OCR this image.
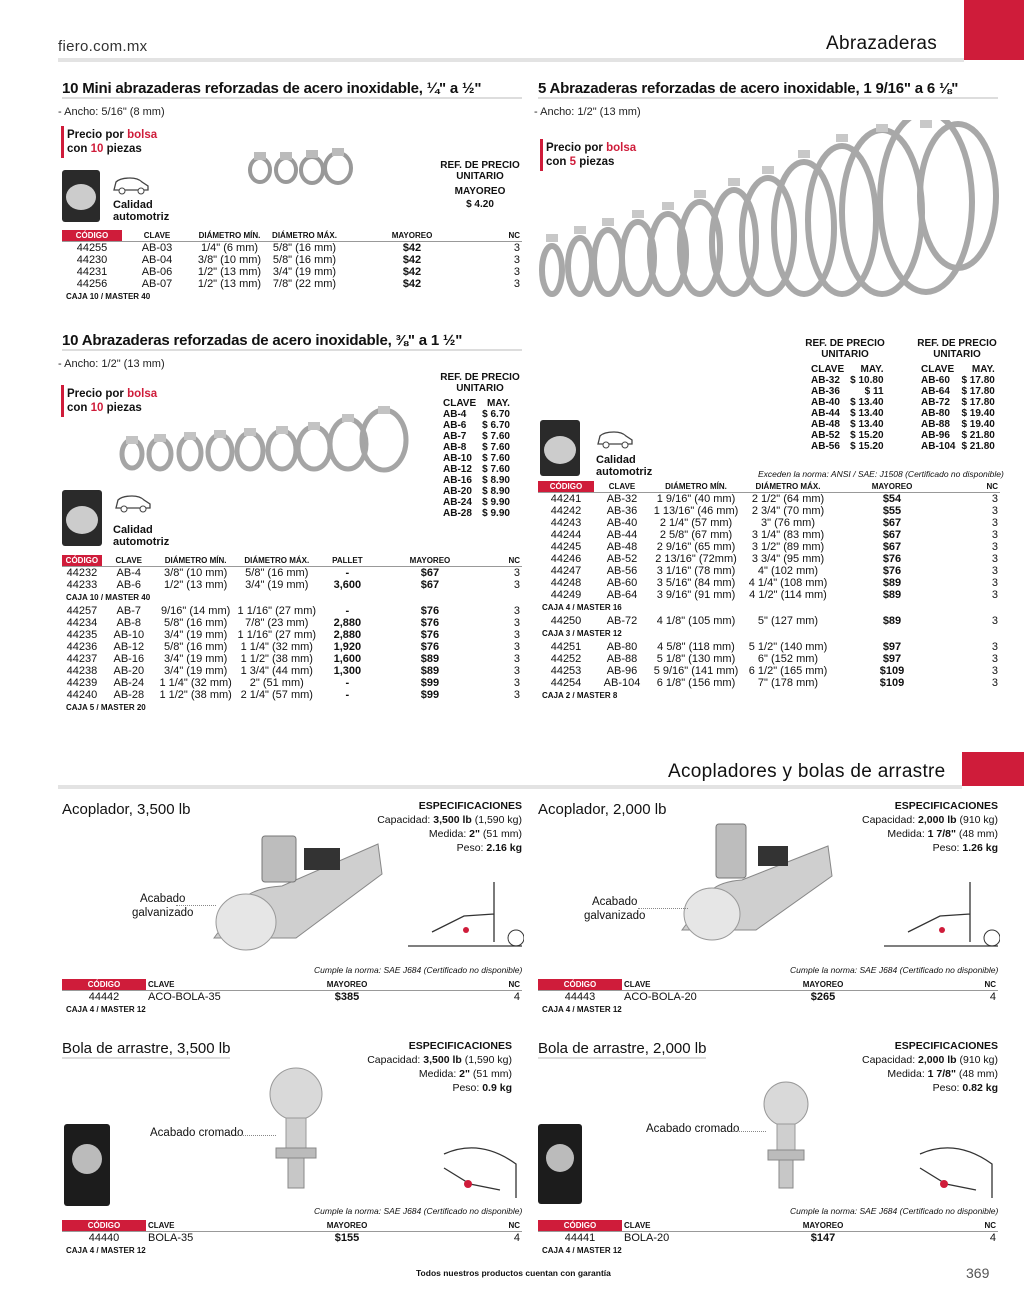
fiero.com.mx	Abrazaderas
10 Mini abrazaderas reforzadas de acero inoxidable, ¼" a ½"
- Ancho: 5/16" (8 mm)
Precio por bolsa
con 10 piezas
Calidad
automotriz
REF. DE PRECIO UNITARIO
MAYOREO
$ 4.20
CÓDIGO	CLAVE	DIÁMETRO MÍN.	DIÁMETRO MÁX.	MAYOREO	NC
44255	AB-03	1/4" (6 mm)	5/8" (16 mm)	$42	3
44230	AB-04	3/8" (10 mm)	5/8" (16 mm)	$42	3
44231	AB-06	1/2" (13 mm)	3/4" (19 mm)	$42	3
44256	AB-07	1/2" (13 mm)	7/8" (22 mm)	$42	3
CAJA 10 / MASTER 40					
10 Abrazaderas reforzadas de acero inoxidable, ⅜" a 1 ½"
- Ancho: 1/2" (13 mm)
Precio por bolsa
con 10 piezas
Calidad
automotriz
REF. DE PRECIO UNITARIO
CLAVE	MAY.
AB-4	$ 6.70
AB-6	$ 6.70
AB-7	$ 7.60
AB-8	$ 7.60
AB-10	$ 7.60
AB-12	$ 7.60
AB-16	$ 8.90
AB-20	$ 8.90
AB-24	$ 9.90
AB-28	$ 9.90
CÓDIGO	CLAVE	DIÁMETRO MÍN.	DIÁMETRO MÁX.	PALLET	MAYOREO	NC
44232	AB-4	3/8" (10 mm)	5/8" (16 mm)	-	$67	3
44233	AB-6	1/2" (13 mm)	3/4" (19 mm)	3,600	$67	3
CAJA 10 / MASTER 40						
44257	AB-7	9/16" (14 mm)	1 1/16" (27 mm)	-	$76	3
44234	AB-8	5/8" (16 mm)	7/8" (23 mm)	2,880	$76	3
44235	AB-10	3/4" (19 mm)	1 1/16" (27 mm)	2,880	$76	3
44236	AB-12	5/8" (16 mm)	1 1/4" (32 mm)	1,920	$76	3
44237	AB-16	3/4" (19 mm)	1 1/2" (38 mm)	1,600	$89	3
44238	AB-20	3/4" (19 mm)	1 3/4" (44 mm)	1,300	$89	3
44239	AB-24	1 1/4" (32 mm)	2" (51 mm)	-	$99	3
44240	AB-28	1 1/2" (38 mm)	2 1/4" (57 mm)	-	$99	3
CAJA 5 / MASTER 20						
5 Abrazaderas reforzadas de acero inoxidable, 1 9/16" a 6 ⅛"
- Ancho: 1/2" (13 mm)
Precio por bolsa
con 5 piezas
REF. DE PRECIO UNITARIO
REF. DE PRECIO UNITARIO
CLAVE	MAY.
AB-32	$ 10.80
AB-36	$ 11
AB-40	$ 13.40
AB-44	$ 13.40
AB-48	$ 13.40
AB-52	$ 15.20
AB-56	$ 15.20
CLAVE	MAY.
AB-60	$ 17.80
AB-64	$ 17.80
AB-72	$ 17.80
AB-80	$ 19.40
AB-88	$ 19.40
AB-96	$ 21.80
AB-104	$ 21.80
Calidad
automotriz	Exceden la norma: ANSI / SAE: J1508 (Certificado no disponible)
CÓDIGO	CLAVE	DIÁMETRO MÍN.	DIÁMETRO MÁX.	MAYOREO	NC
44241	AB-32	1 9/16" (40 mm)	2 1/2" (64 mm)	$54	3
44242	AB-36	1 13/16" (46 mm)	2 3/4" (70 mm)	$55	3
44243	AB-40	2 1/4" (57 mm)	3" (76 mm)	$67	3
44244	AB-44	2 5/8" (67 mm)	3 1/4" (83 mm)	$67	3
44245	AB-48	2 9/16" (65 mm)	3 1/2" (89 mm)	$67	3
44246	AB-52	2 13/16" (72mm)	3 3/4" (95 mm)	$76	3
44247	AB-56	3 1/16" (78 mm)	4" (102 mm)	$76	3
44248	AB-60	3 5/16" (84 mm)	4 1/4" (108 mm)	$89	3
44249	AB-64	3 9/16" (91 mm)	4 1/2" (114 mm)	$89	3
CAJA 4 / MASTER 16					
44250	AB-72	4 1/8" (105 mm)	5" (127 mm)	$89	3
CAJA 3 / MASTER 12					
44251	AB-80	4 5/8" (118 mm)	5 1/2" (140 mm)	$97	3
44252	AB-88	5 1/8" (130 mm)	6" (152 mm)	$97	3
44253	AB-96	5 9/16" (141 mm)	6 1/2" (165 mm)	$109	3
44254	AB-104	6 1/8" (156 mm)	7" (178 mm)	$109	3
CAJA 2 / MASTER 8					
Acopladores y bolas de arrastre
Acoplador, 3,500 lb	ESPECIFICACIONES
Capacidad: 3,500 lb (1,590 kg)
Medida: 2" (51 mm)
Peso: 2.16 kg
Acabado
galvanizado
Cumple la norma: SAE J684 (Certificado no disponible)
CÓDIGO	CLAVE	MAYOREO	NC
44442	ACO-BOLA-35	$385	4
CAJA 4 / MASTER 12			
Acoplador, 2,000 lb	ESPECIFICACIONES
Capacidad: 2,000 lb (910 kg)
Medida: 1 7/8" (48 mm)
Peso: 1.26 kg
Acabado
galvanizado
Cumple la norma: SAE J684 (Certificado no disponible)
CÓDIGO	CLAVE	MAYOREO	NC
44443	ACO-BOLA-20	$265	4
CAJA 4 / MASTER 12			
Bola de arrastre, 3,500 lb	ESPECIFICACIONES
Capacidad: 3,500 lb (1,590 kg)
Medida: 2" (51 mm)
Peso: 0.9 kg
Acabado cromado
Cumple la norma: SAE J684 (Certificado no disponible)
CÓDIGO	CLAVE	MAYOREO	NC
44440	BOLA-35	$155	4
CAJA 4 / MASTER 12			
Bola de arrastre, 2,000 lb	ESPECIFICACIONES
Capacidad: 2,000 lb (910 kg)
Medida: 1 7/8" (48 mm)
Peso: 0.82 kg
Acabado cromado
Cumple la norma: SAE J684 (Certificado no disponible)
CÓDIGO	CLAVE	MAYOREO	NC
44441	BOLA-20	$147	4
CAJA 4 / MASTER 12			
Todos nuestros productos cuentan con garantía	369
